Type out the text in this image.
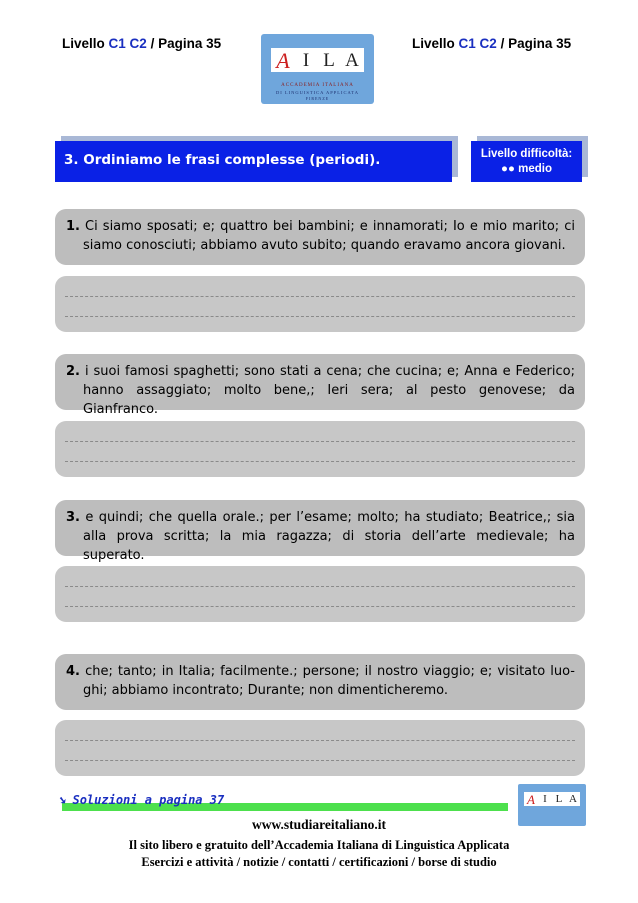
Livello C1 C2 / Pagina 35
A I L A
ACCADEMIA ITALIANA
DI LINGUISTICA APPLICATA
FIRENZE
Livello C1 C2 / Pagina 35
3. Ordiniamo le frasi complesse (periodi).	Livello difficoltà:
●● medio
1. Ci siamo sposati; e; quattro bei bambini; e innamorati; Io e mio marito; ci siamo conosciuti; abbiamo avuto subito; quando eravamo ancora giovani.
2. i suoi famosi spaghetti; sono stati a cena; che cucina; e; Anna e Federico; hanno assaggiato; molto bene,; Ieri sera; al pesto genovese; da Gianfranco.
3. e quindi; che quella orale.; per l’esame; molto; ha studiato; Beatrice,; sia alla prova scritta; la mia ragazza; di storia dell’arte medievale; ha superato.
4. che; tanto; in Italia; facilmente.; persone; il nostro viaggio; e; visitato luo-ghi; abbiamo incontrato; Durante; non dimenticheremo.
➘ Soluzioni a pagina 37	A I L A
www.studiareitaliano.it
Il sito libero e gratuito dell’Accademia Italiana di Linguistica Applicata
Esercizi e attività / notizie / contatti / certificazioni / borse di studio
